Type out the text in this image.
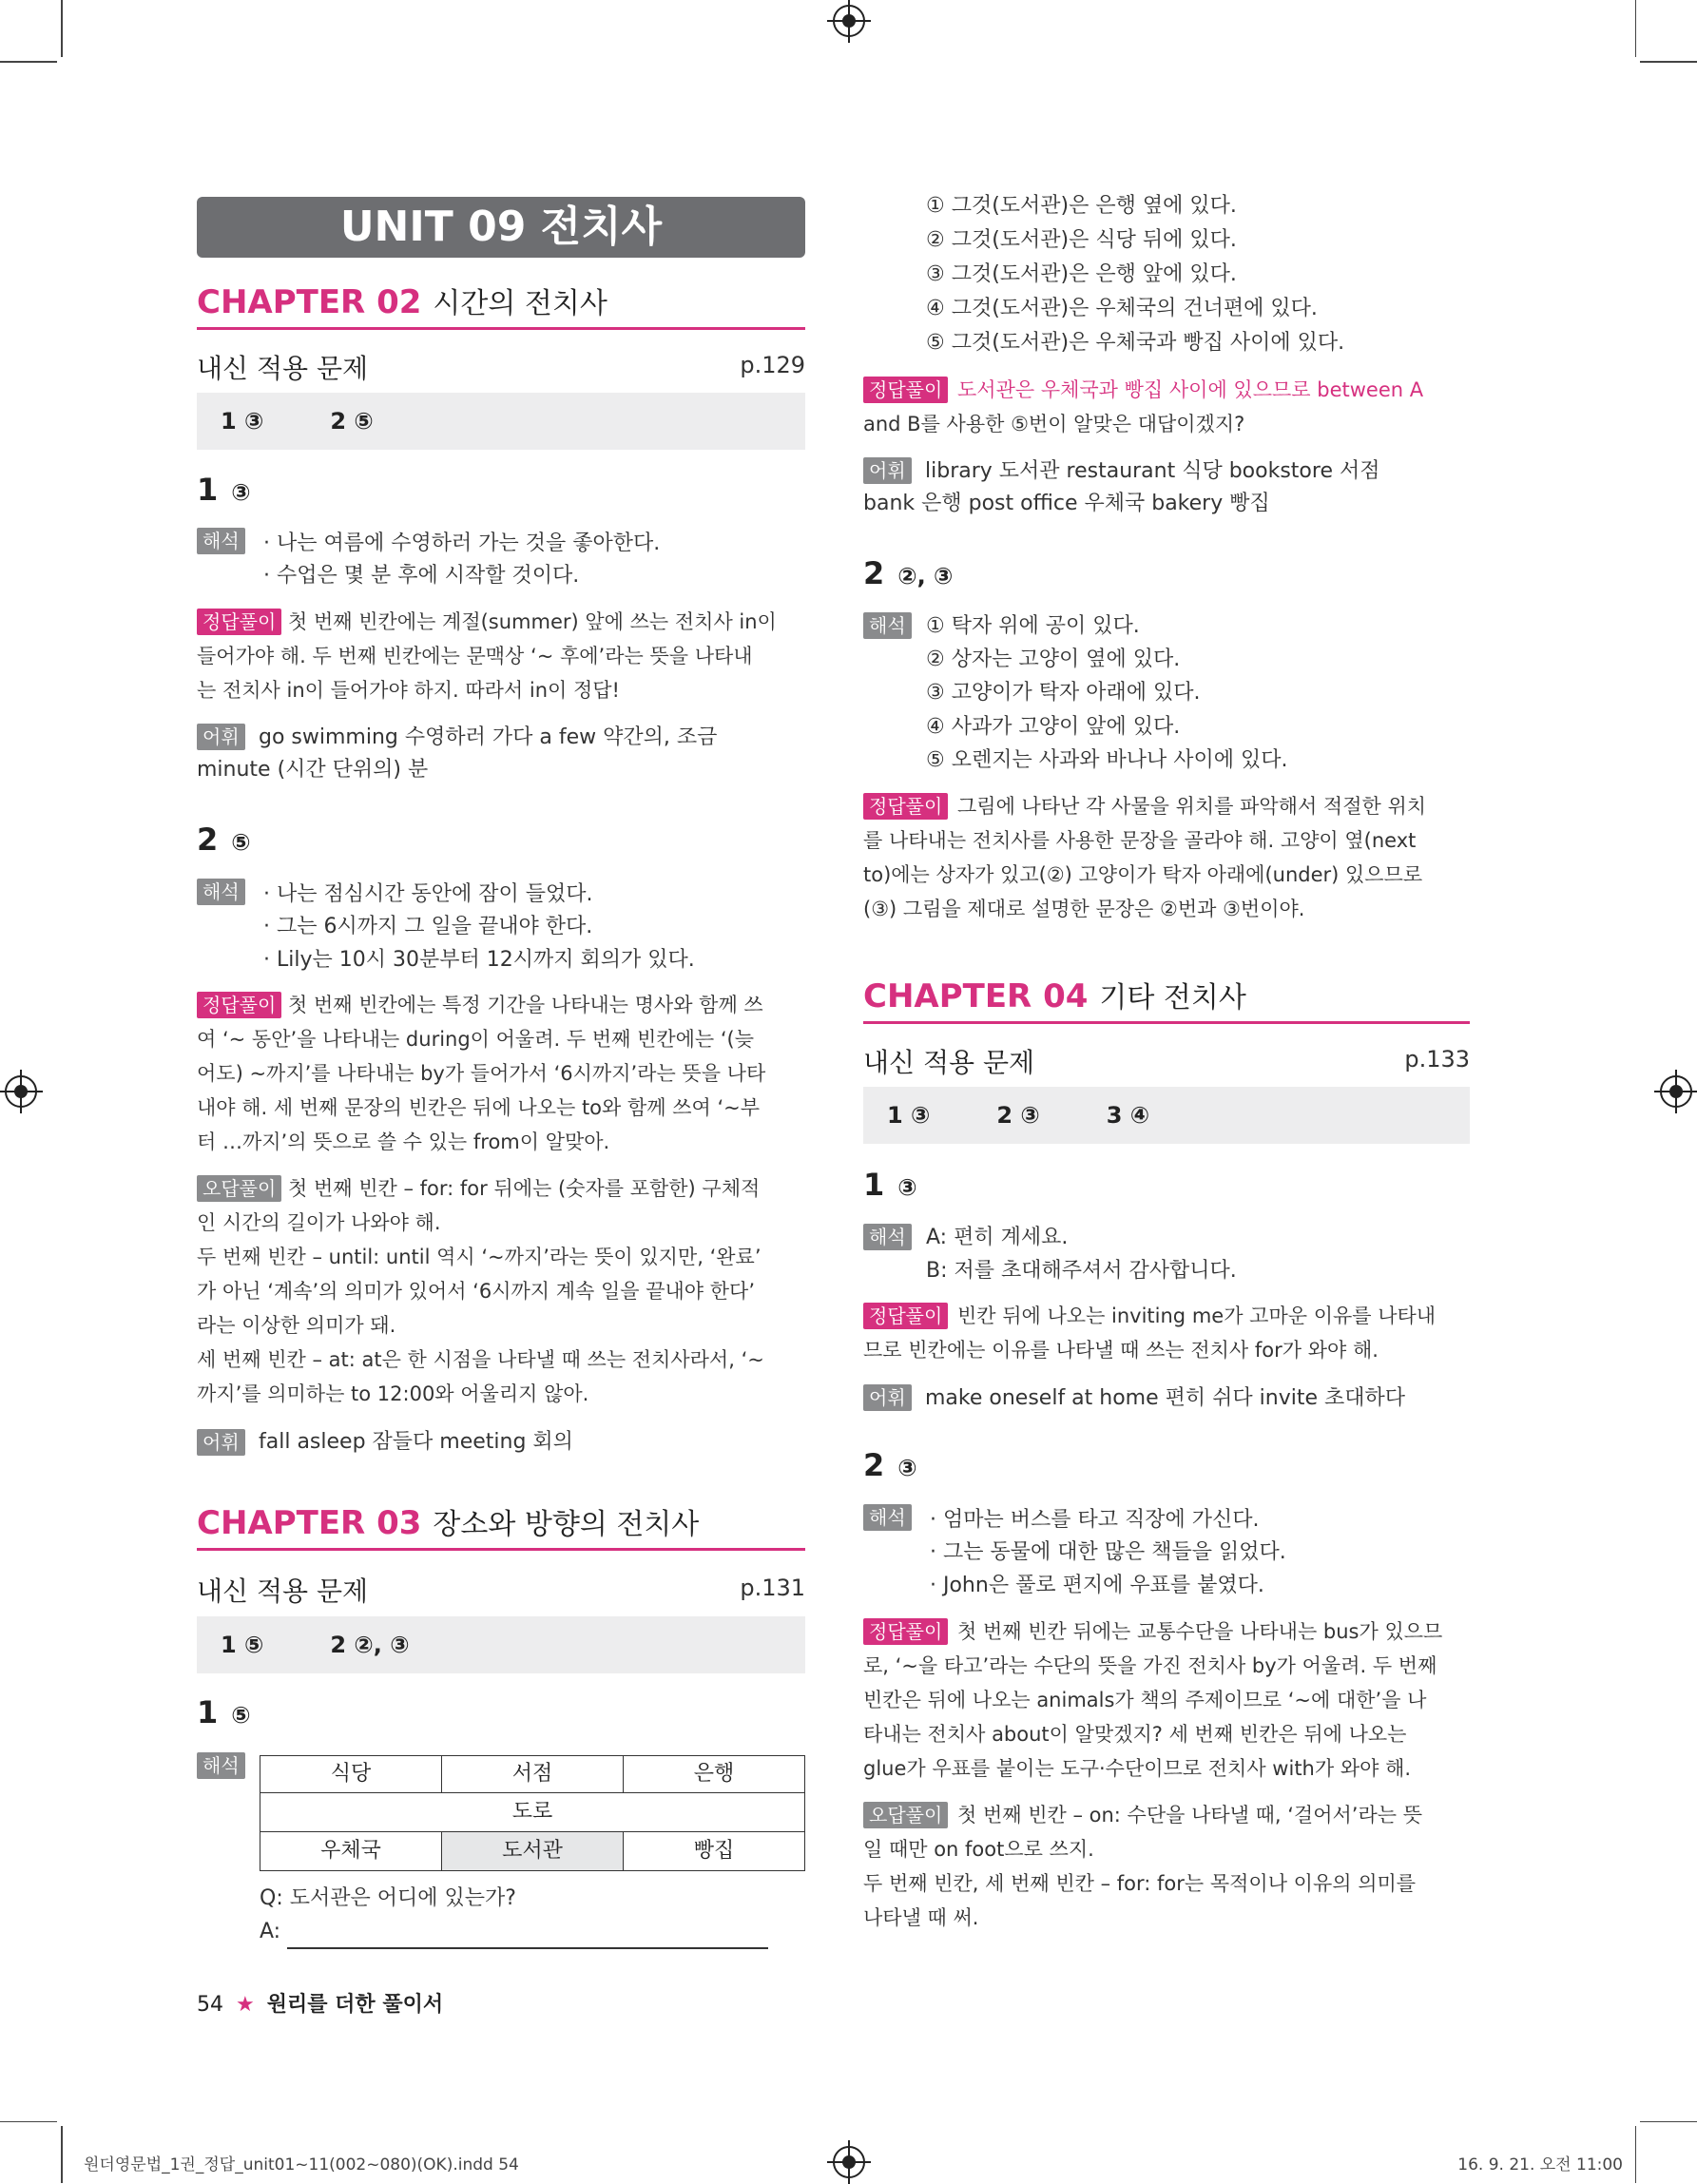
UNIT 09 전치사
CHAPTER 02 시간의 전치사
내신 적용 문제	p.129
1 ③	2 ⑤
1 ③
해석 · 나는 여름에 수영하러 가는 것을 좋아한다.
· 수업은 몇 분 후에 시작할 것이다.
정답풀이 첫 번째 빈칸에는 계절(summer) 앞에 쓰는 전치사 in이
들어가야 해. 두 번째 빈칸에는 문맥상 ‘~ 후에’라는 뜻을 나타내
는 전치사 in이 들어가야 하지. 따라서 in이 정답!
어휘 go swimming 수영하러 가다 a few 약간의, 조금
minute (시간 단위의) 분
2 ⑤
해석 · 나는 점심시간 동안에 잠이 들었다.
· 그는 6시까지 그 일을 끝내야 한다.
· Lily는 10시 30분부터 12시까지 회의가 있다.
정답풀이 첫 번째 빈칸에는 특정 기간을 나타내는 명사와 함께 쓰
여 ‘~ 동안’을 나타내는 during이 어울려. 두 번째 빈칸에는 ‘(늦
어도) ~까지’를 나타내는 by가 들어가서 ‘6시까지’라는 뜻을 나타
내야 해. 세 번째 문장의 빈칸은 뒤에 나오는 to와 함께 쓰여 ‘~부
터 …까지’의 뜻으로 쓸 수 있는 from이 알맞아.
오답풀이 첫 번째 빈칸 – for: for 뒤에는 (숫자를 포함한) 구체적
인 시간의 길이가 나와야 해.
두 번째 빈칸 – until: until 역시 ‘~까지’라는 뜻이 있지만, ‘완료’
가 아닌 ‘계속’의 의미가 있어서 ‘6시까지 계속 일을 끝내야 한다’
라는 이상한 의미가 돼.
세 번째 빈칸 – at: at은 한 시점을 나타낼 때 쓰는 전치사라서, ‘~
까지’를 의미하는 to 12:00와 어울리지 않아.
어휘 fall asleep 잠들다 meeting 회의
CHAPTER 03 장소와 방향의 전치사
내신 적용 문제	p.131
1 ⑤	2 ②, ③
1 ⑤
해석	식당	서점	은행
도로
우체국	도서관	빵집
Q: 도서관은 어디에 있는가?
A:
54 ★ 원리를 더한 풀이서
① 그것(도서관)은 은행 옆에 있다.
② 그것(도서관)은 식당 뒤에 있다.
③ 그것(도서관)은 은행 앞에 있다.
④ 그것(도서관)은 우체국의 건너편에 있다.
⑤ 그것(도서관)은 우체국과 빵집 사이에 있다.
정답풀이 도서관은 우체국과 빵집 사이에 있으므로 between A
and B를 사용한 ⑤번이 알맞은 대답이겠지?
어휘 library 도서관 restaurant 식당 bookstore 서점
bank 은행 post office 우체국 bakery 빵집
2 ②, ③
해석 ① 탁자 위에 공이 있다.
② 상자는 고양이 옆에 있다.
③ 고양이가 탁자 아래에 있다.
④ 사과가 고양이 앞에 있다.
⑤ 오렌지는 사과와 바나나 사이에 있다.
정답풀이 그림에 나타난 각 사물을 위치를 파악해서 적절한 위치
를 나타내는 전치사를 사용한 문장을 골라야 해. 고양이 옆(next
to)에는 상자가 있고(②) 고양이가 탁자 아래에(under) 있으므로
(③) 그림을 제대로 설명한 문장은 ②번과 ③번이야.
CHAPTER 04 기타 전치사
내신 적용 문제	p.133
1 ③	2 ③	3 ④
1 ③
해석 A: 편히 계세요.
B: 저를 초대해주셔서 감사합니다.
정답풀이 빈칸 뒤에 나오는 inviting me가 고마운 이유를 나타내
므로 빈칸에는 이유를 나타낼 때 쓰는 전치사 for가 와야 해.
어휘 make oneself at home 편히 쉬다 invite 초대하다
2 ③
해석 · 엄마는 버스를 타고 직장에 가신다.
· 그는 동물에 대한 많은 책들을 읽었다.
· John은 풀로 편지에 우표를 붙였다.
정답풀이 첫 번째 빈칸 뒤에는 교통수단을 나타내는 bus가 있으므
로, ‘~을 타고’라는 수단의 뜻을 가진 전치사 by가 어울려. 두 번째
빈칸은 뒤에 나오는 animals가 책의 주제이므로 ‘~에 대한’을 나
타내는 전치사 about이 알맞겠지? 세 번째 빈칸은 뒤에 나오는
glue가 우표를 붙이는 도구·수단이므로 전치사 with가 와야 해.
오답풀이 첫 번째 빈칸 – on: 수단을 나타낼 때, ‘걸어서’라는 뜻
일 때만 on foot으로 쓰지.
두 번째 빈칸, 세 번째 빈칸 – for: for는 목적이나 이유의 의미를
나타낼 때 써.
원더영문법_1권_정답_unit01~11(002~080)(OK).indd 54	16. 9. 21. 오전 11:00
